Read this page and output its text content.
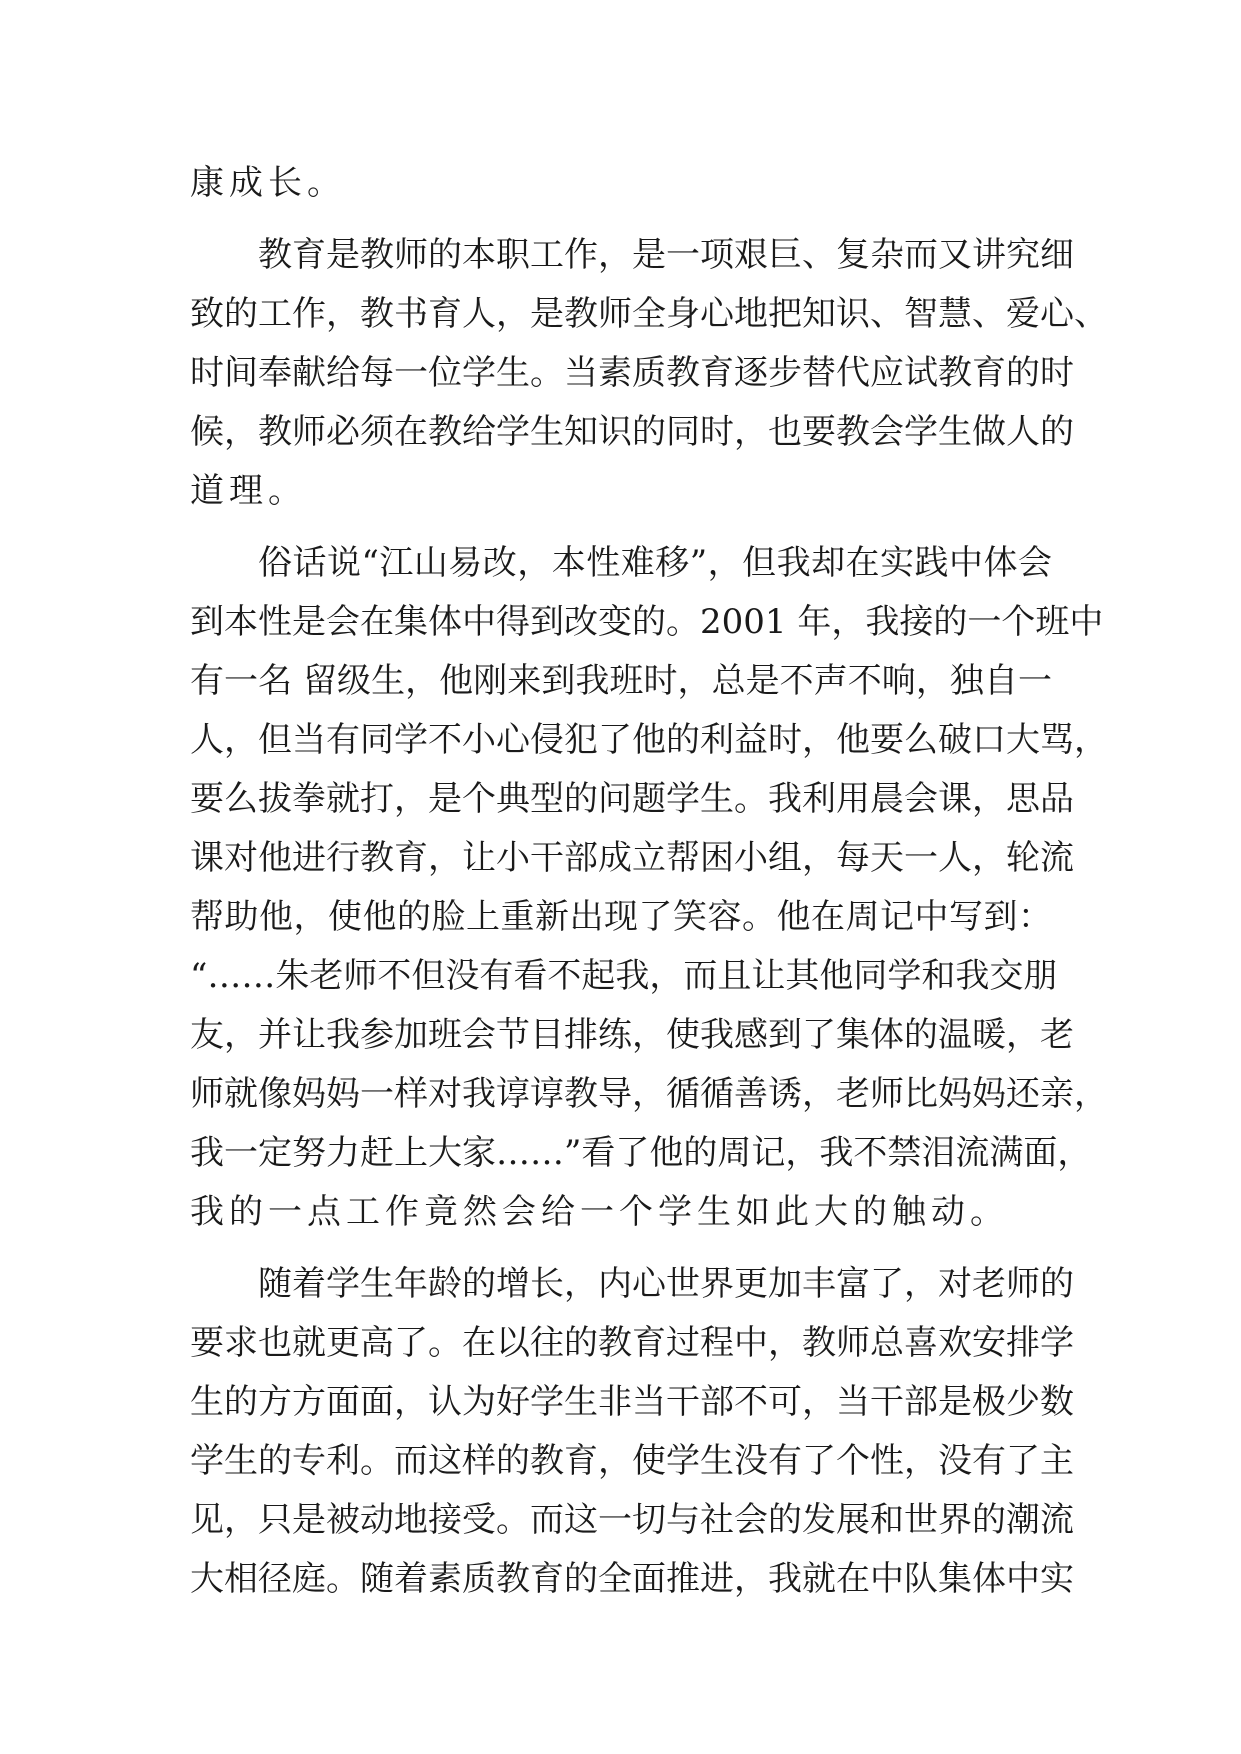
康成长。
教育是教师的本职工作，是一项艰巨、复杂而又讲究细
致的工作，教书育人，是教师全身心地把知识、智慧、爱心、
时间奉献给每一位学生。当素质教育逐步替代应试教育的时
候，教师必须在教给学生知识的同时，也要教会学生做人的
道理。
俗话说“江山易改，本性难移”，但我却在实践中体会
到本性是会在集体中得到改变的。2001 年，我接的一个班中
有一名 留级生，他刚来到我班时，总是不声不响，独自一
人，但当有同学不小心侵犯了他的利益时，他要么破口大骂，
要么拔拳就打，是个典型的问题学生。我利用晨会课，思品
课对他进行教育，让小干部成立帮困小组，每天一人，轮流
帮助他，使他的脸上重新出现了笑容。他在周记中写到：
“……朱老师不但没有看不起我，而且让其他同学和我交朋
友，并让我参加班会节目排练，使我感到了集体的温暖，老
师就像妈妈一样对我谆谆教导，循循善诱，老师比妈妈还亲，
我一定努力赶上大家……”看了他的周记，我不禁泪流满面，
我的一点工作竟然会给一个学生如此大的触动。
随着学生年龄的增长，内心世界更加丰富了，对老师的
要求也就更高了。在以往的教育过程中，教师总喜欢安排学
生的方方面面，认为好学生非当干部不可，当干部是极少数
学生的专利。而这样的教育，使学生没有了个性，没有了主
见，只是被动地接受。而这一切与社会的发展和世界的潮流
大相径庭。随着素质教育的全面推进，我就在中队集体中实
